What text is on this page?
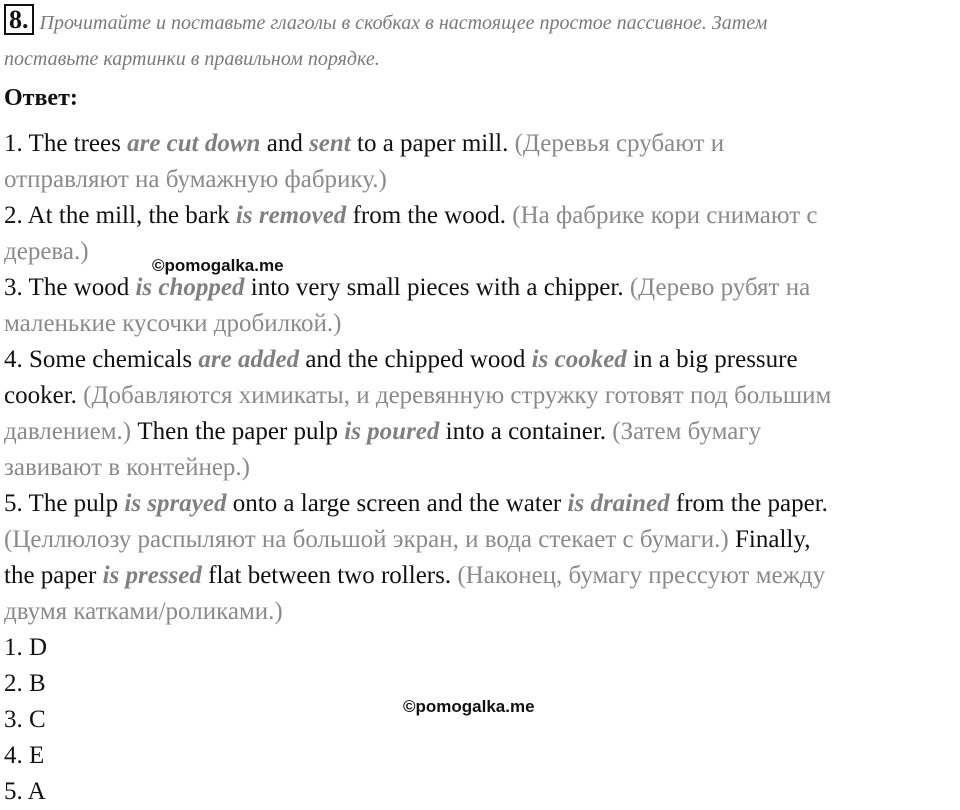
8. Прочитайте и поставьте глаголы в скобках в настоящее простое пассивное. Затем
поставьте картинки в правильном порядке.
Ответ:
1. The trees are cut down and sent to a paper mill. (Деревья срубают и
отправляют на бумажную фабрику.)
2. At the mill, the bark is removed from the wood. (На фабрике кори снимают с
дерева.)
3. The wood is chopped into very small pieces with a chipper. (Дерево рубят на
маленькие кусочки дробилкой.)
4. Some chemicals are added and the chipped wood is cooked in a big pressure
cooker. (Добавляются химикаты, и деревянную стружку готовят под большим
давлением.) Then the paper pulp is poured into a container. (Затем бумагу
завивают в контейнер.)
5. The pulp is sprayed onto a large screen and the water is drained from the paper.
(Целлюлозу распыляют на большой экран, и вода стекает с бумаги.) Finally,
the paper is pressed flat between two rollers. (Наконец, бумагу прессуют между
двумя катками/роликами.)
1. D
2. B
3. C
4. E
5. A
©pomogalka.me
©pomogalka.me
